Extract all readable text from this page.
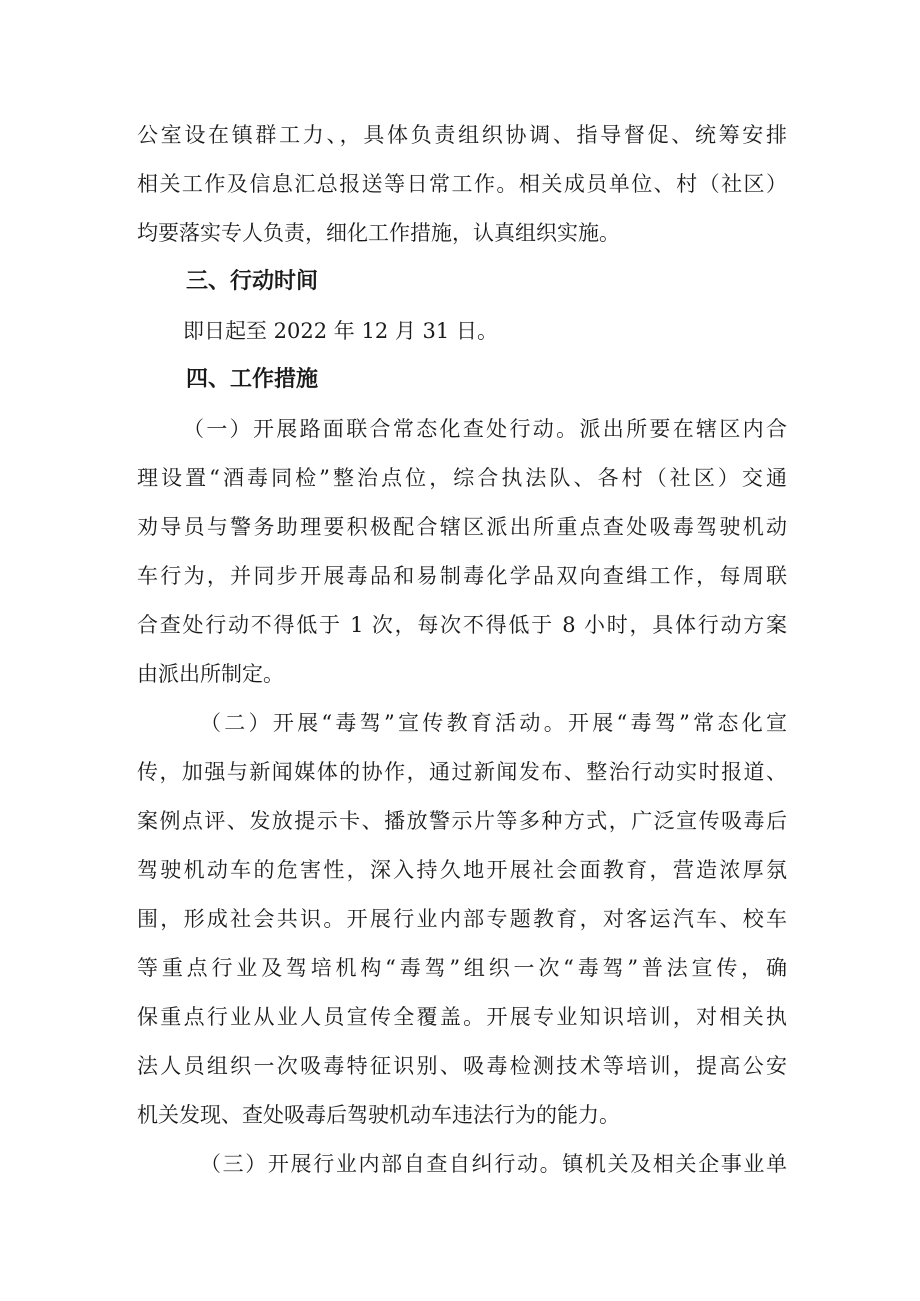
公室设在镇群工力、，具体负责组织协调、指导督促、统筹安排
相关工作及信息汇总报送等日常工作。相关成员单位、村（社区）
均要落实专人负责，细化工作措施，认真组织实施。
三、行动时间
即日起至 2022 年 12 月 31 日。
四、工作措施
（一）开展路面联合常态化查处行动。派出所要在辖区内合
理设置“酒毒同检”整治点位，综合执法队、各村（社区）交通
劝导员与警务助理要积极配合辖区派出所重点查处吸毒驾驶机动
车行为，并同步开展毒品和易制毒化学品双向查缉工作，每周联
合查处行动不得低于 1 次，每次不得低于 8 小时，具体行动方案
由派出所制定。
（二）开展“毒驾”宣传教育活动。开展“毒驾”常态化宣
传，加强与新闻媒体的协作，通过新闻发布、整治行动实时报道、
案例点评、发放提示卡、播放警示片等多种方式，广泛宣传吸毒后
驾驶机动车的危害性，深入持久地开展社会面教育，营造浓厚氛
围，形成社会共识。开展行业内部专题教育，对客运汽车、校车
等重点行业及驾培机构“毒驾”组织一次“毒驾”普法宣传，确
保重点行业从业人员宣传全覆盖。开展专业知识培训，对相关执
法人员组织一次吸毒特征识别、吸毒检测技术等培训，提高公安
机关发现、查处吸毒后驾驶机动车违法行为的能力。
（三）开展行业内部自查自纠行动。镇机关及相关企事业单
